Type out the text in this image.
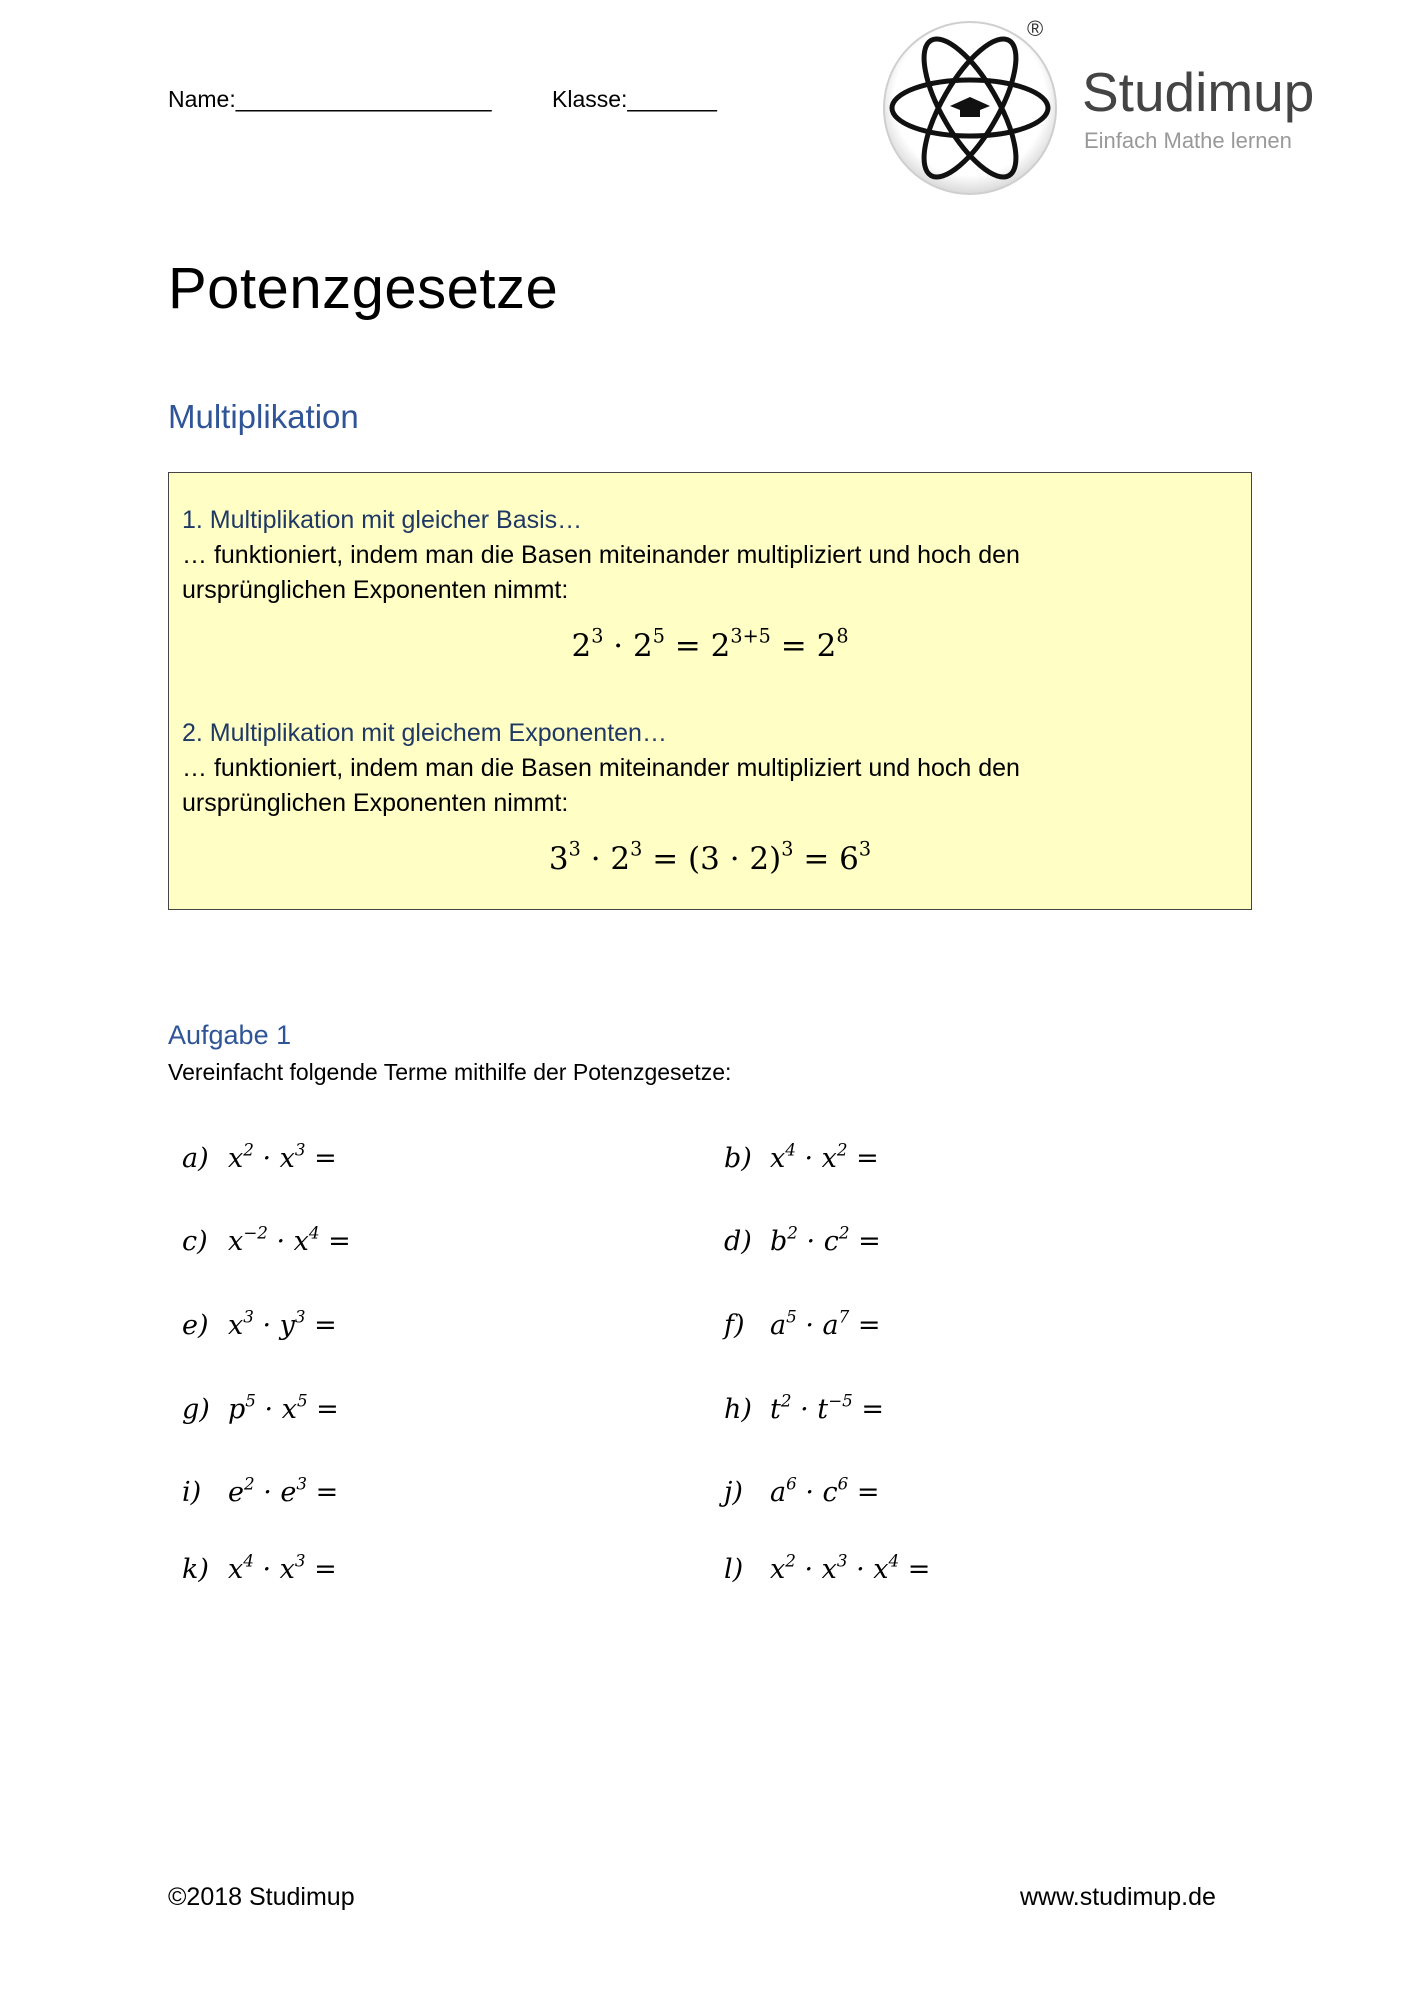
Name:____________________	Klasse:_______
®
Studimup
Einfach Mathe lernen
Potenzgesetze
Multiplikation
1. Multiplikation mit gleicher Basis…
… funktioniert, indem man die Basen miteinander multipliziert und hoch den
ursprünglichen Exponenten nimmt:
$2^3 \cdot 2^5 = 2^{3+5} = 2^8$
2. Multiplikation mit gleichem Exponenten…
… funktioniert, indem man die Basen miteinander multipliziert und hoch den
ursprünglichen Exponenten nimmt:
$3^3 \cdot 2^3 = (3 \cdot 2)^3 = 6^3$
Aufgabe 1
Vereinfacht folgende Terme mithilfe der Potenzgesetze:
a) $x^2 \cdot x^3$ =	b) $x^4 \cdot x^2$ =
c) $x^{-2} \cdot x^4$ =	d) $b^2 \cdot c^2$ =
e) $x^3 \cdot y^3$ =	f) $a^5 \cdot a^7$ =
g) $p^5 \cdot x^5$ =	h) $t^2 \cdot t^{-5}$ =
i) $e^2 \cdot e^3$ =	j) $a^6 \cdot c^6$ =
k) $x^4 \cdot x^3$ =	l) $x^2 \cdot x^3 \cdot x^4$ =
©2018 Studimup	www.studimup.de
